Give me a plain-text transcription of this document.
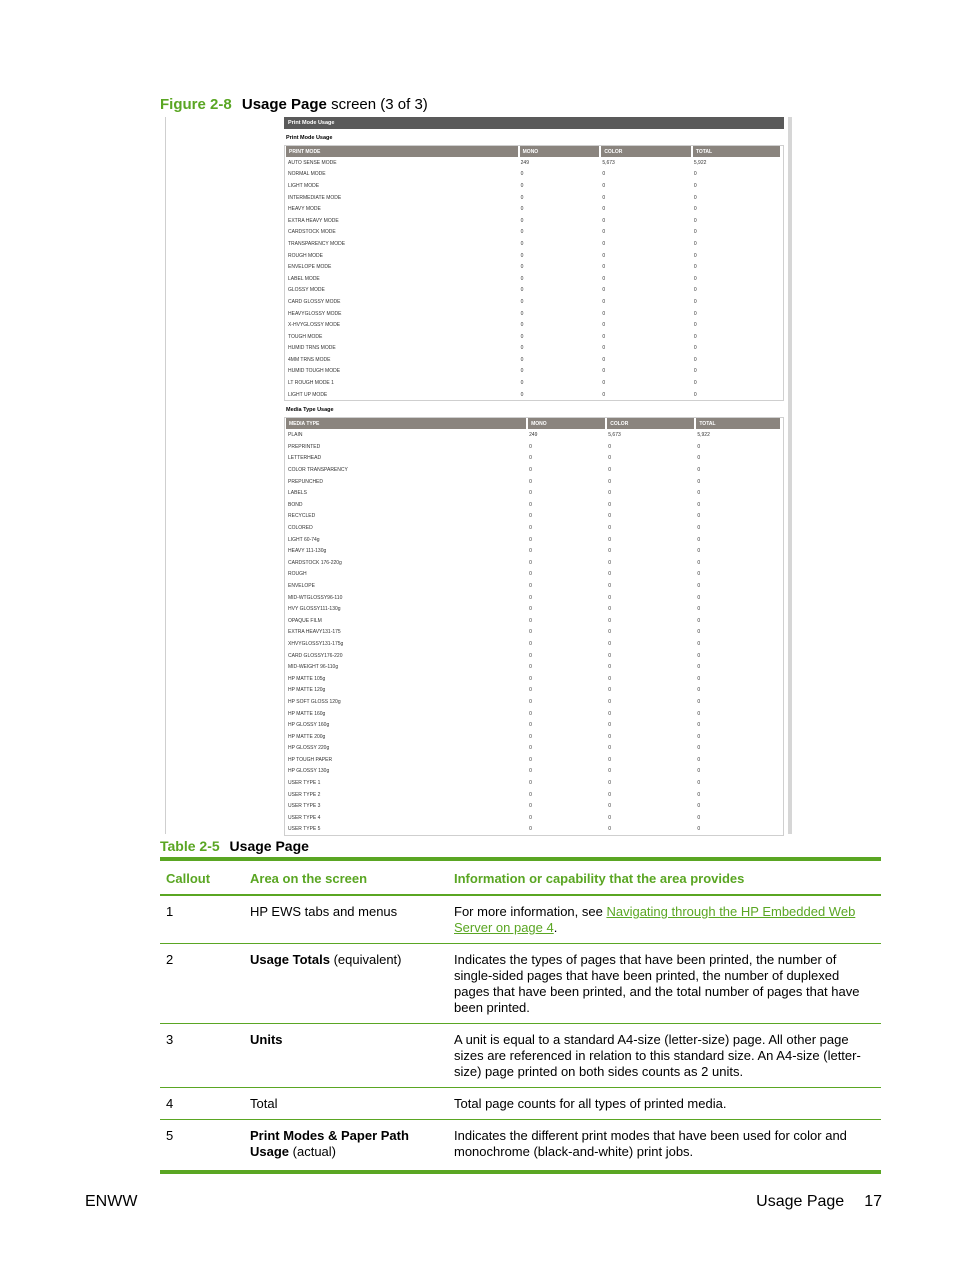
Figure 2-8 Usage Page screen (3 of 3)
Print Mode Usage
Print Mode Usage
PRINT MODE	MONO	COLOR	TOTAL
AUTO SENSE MODE	249	5,673	5,922
NORMAL MODE	0	0	0
LIGHT MODE	0	0	0
INTERMEDIATE MODE	0	0	0
HEAVY MODE	0	0	0
EXTRA HEAVY MODE	0	0	0
CARDSTOCK MODE	0	0	0
TRANSPARENCY MODE	0	0	0
ROUGH MODE	0	0	0
ENVELOPE MODE	0	0	0
LABEL MODE	0	0	0
GLOSSY MODE	0	0	0
CARD GLOSSY MODE	0	0	0
HEAVYGLOSSY MODE	0	0	0
X-HVYGLOSSY MODE	0	0	0
TOUGH MODE	0	0	0
HUMID TRNS MODE	0	0	0
4MM TRNS MODE	0	0	0
HUMID TOUGH MODE	0	0	0
LT ROUGH MODE 1	0	0	0
LIGHT UP MODE	0	0	0
Media Type Usage
MEDIA TYPE	MONO	COLOR	TOTAL
PLAIN	249	5,673	5,922
PREPRINTED	0	0	0
LETTERHEAD	0	0	0
COLOR TRANSPARENCY	0	0	0
PREPUNCHED	0	0	0
LABELS	0	0	0
BOND	0	0	0
RECYCLED	0	0	0
COLORED	0	0	0
LIGHT 60-74g	0	0	0
HEAVY 111-130g	0	0	0
CARDSTOCK 176-220g	0	0	0
ROUGH	0	0	0
ENVELOPE	0	0	0
MID-WTGLOSSY96-110	0	0	0
HVY GLOSSY111-130g	0	0	0
OPAQUE FILM	0	0	0
EXTRA HEAVY131-175	0	0	0
XHVYGLOSSY131-175g	0	0	0
CARD GLOSSY176-220	0	0	0
MID-WEIGHT 96-110g	0	0	0
HP MATTE 105g	0	0	0
HP MATTE 120g	0	0	0
HP SOFT GLOSS 120g	0	0	0
HP MATTE 160g	0	0	0
HP GLOSSY 160g	0	0	0
HP MATTE 200g	0	0	0
HP GLOSSY 220g	0	0	0
HP TOUGH PAPER	0	0	0
HP GLOSSY 130g	0	0	0
USER TYPE 1	0	0	0
USER TYPE 2	0	0	0
USER TYPE 3	0	0	0
USER TYPE 4	0	0	0
USER TYPE 5	0	0	0
Table 2-5 Usage Page
Callout	Area on the screen	Information or capability that the area provides
1	HP EWS tabs and menus	For more information, see Navigating through the HP Embedded Web Server on page 4.
2	Usage Totals (equivalent)	Indicates the types of pages that have been printed, the number of single-sided pages that have been printed, the number of duplexed pages that have been printed, and the total number of pages that have been printed.
3	Units	A unit is equal to a standard A4-size (letter-size) page. All other page sizes are referenced in relation to this standard size. An A4-size (letter-size) page printed on both sides counts as 2 units.
4	Total	Total page counts for all types of printed media.
5	Print Modes & Paper Path Usage (actual)	Indicates the different print modes that have been used for color and monochrome (black-and-white) print jobs.
ENWW	Usage Page 17
